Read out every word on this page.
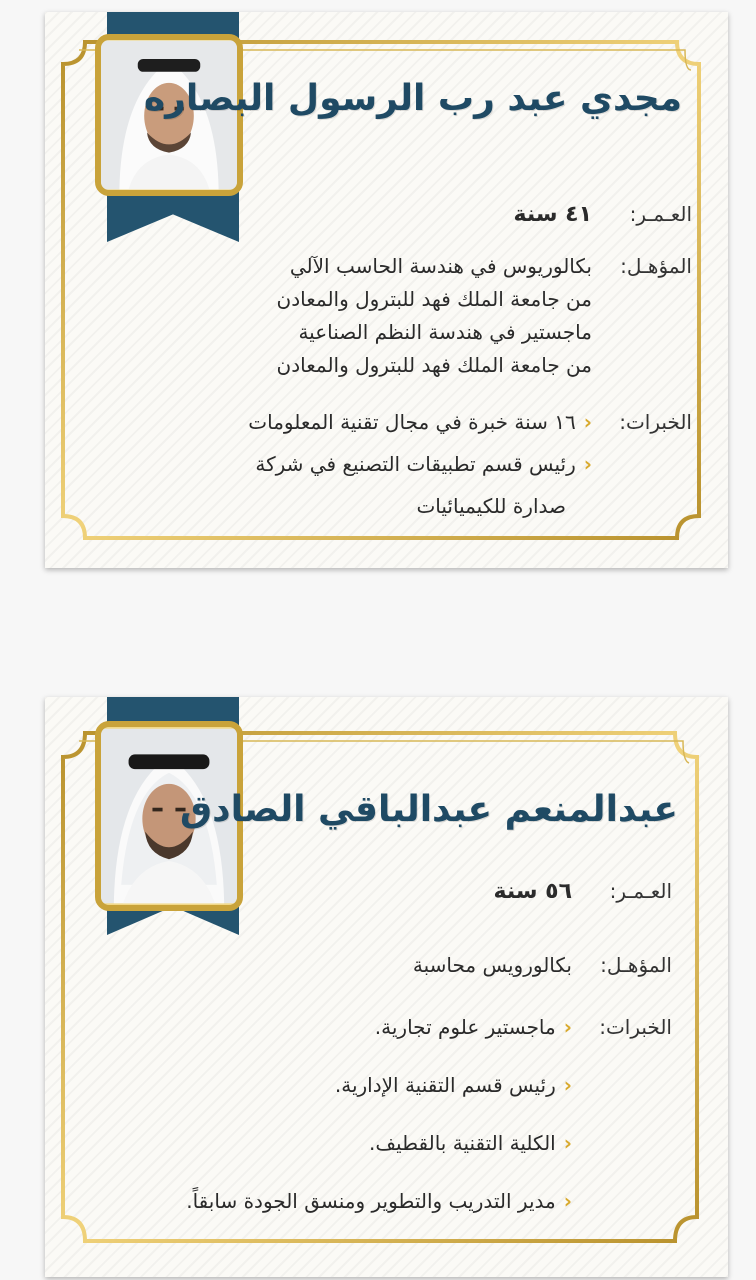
مجدي عبد رب الرسول البصاره
العـمـر:
٤١ سنة
المؤهـل:
بكالوريوس في هندسة الحاسب الآلي
من جامعة الملك فهد للبترول والمعادن
ماجستير في هندسة النظم الصناعية
من جامعة الملك فهد للبترول والمعادن
الخبرات:
‹
١٦ سنة خبرة في مجال تقنية المعلومات
‹
رئيس قسم تطبيقات التصنيع في شركة
صدارة للكيميائيات
عبدالمنعم عبدالباقي الصادق
العـمـر:
٥٦ سنة
المؤهـل:
بكالورويس محاسبة
الخبرات:
‹
ماجستير علوم تجارية.
‹
رئيس قسم التقنية الإدارية.
‹
الكلية التقنية بالقطيف.
‹
مدير التدريب والتطوير ومنسق الجودة سابقاً.
